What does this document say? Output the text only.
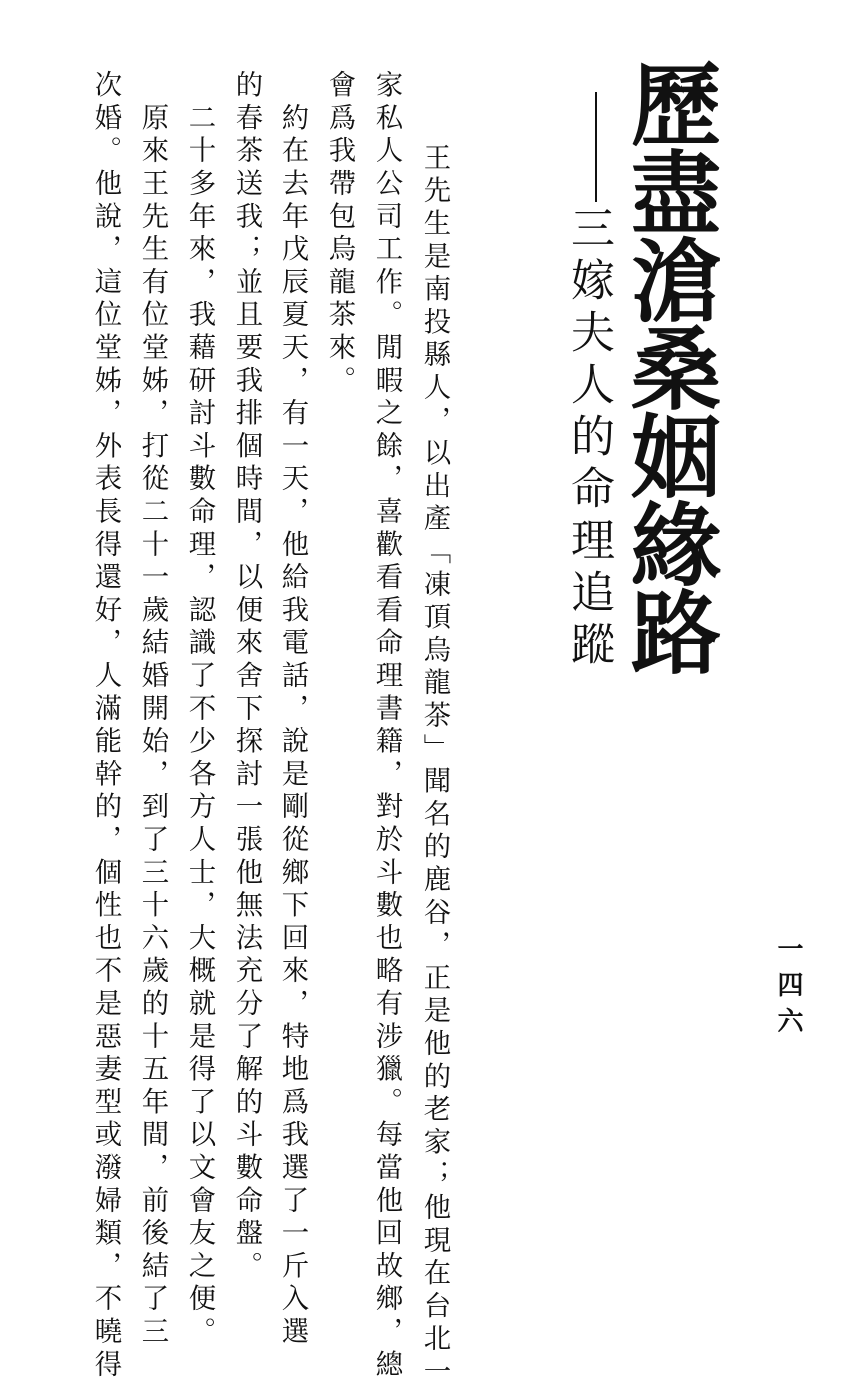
歷盡滄桑姻緣路
三嫁夫人的命理追蹤
　王先生是南投縣人，以出產「凍頂烏龍茶」聞名的鹿谷，正是他的老家；他現在台北一
家私人公司工作。閒暇之餘，喜歡看看命理書籍，對於斗數也略有涉獵。每當他回故鄉，總
會爲我帶包烏龍茶來。
　約在去年戊辰夏天，有一天，他給我電話，說是剛從鄉下回來，特地爲我選了一斤入選
的春茶送我；並且要我排個時間，以便來舍下探討一張他無法充分了解的斗數命盤。
　二十多年來，我藉研討斗數命理，認識了不少各方人士，大概就是得了以文會友之便。
　原來王先生有位堂姊，打從二十一歲結婚開始，到了三十六歲的十五年間，前後結了三
次婚。他說，這位堂姊，外表長得還好，人滿能幹的，個性也不是惡妻型或潑婦類，不曉得	一四六
